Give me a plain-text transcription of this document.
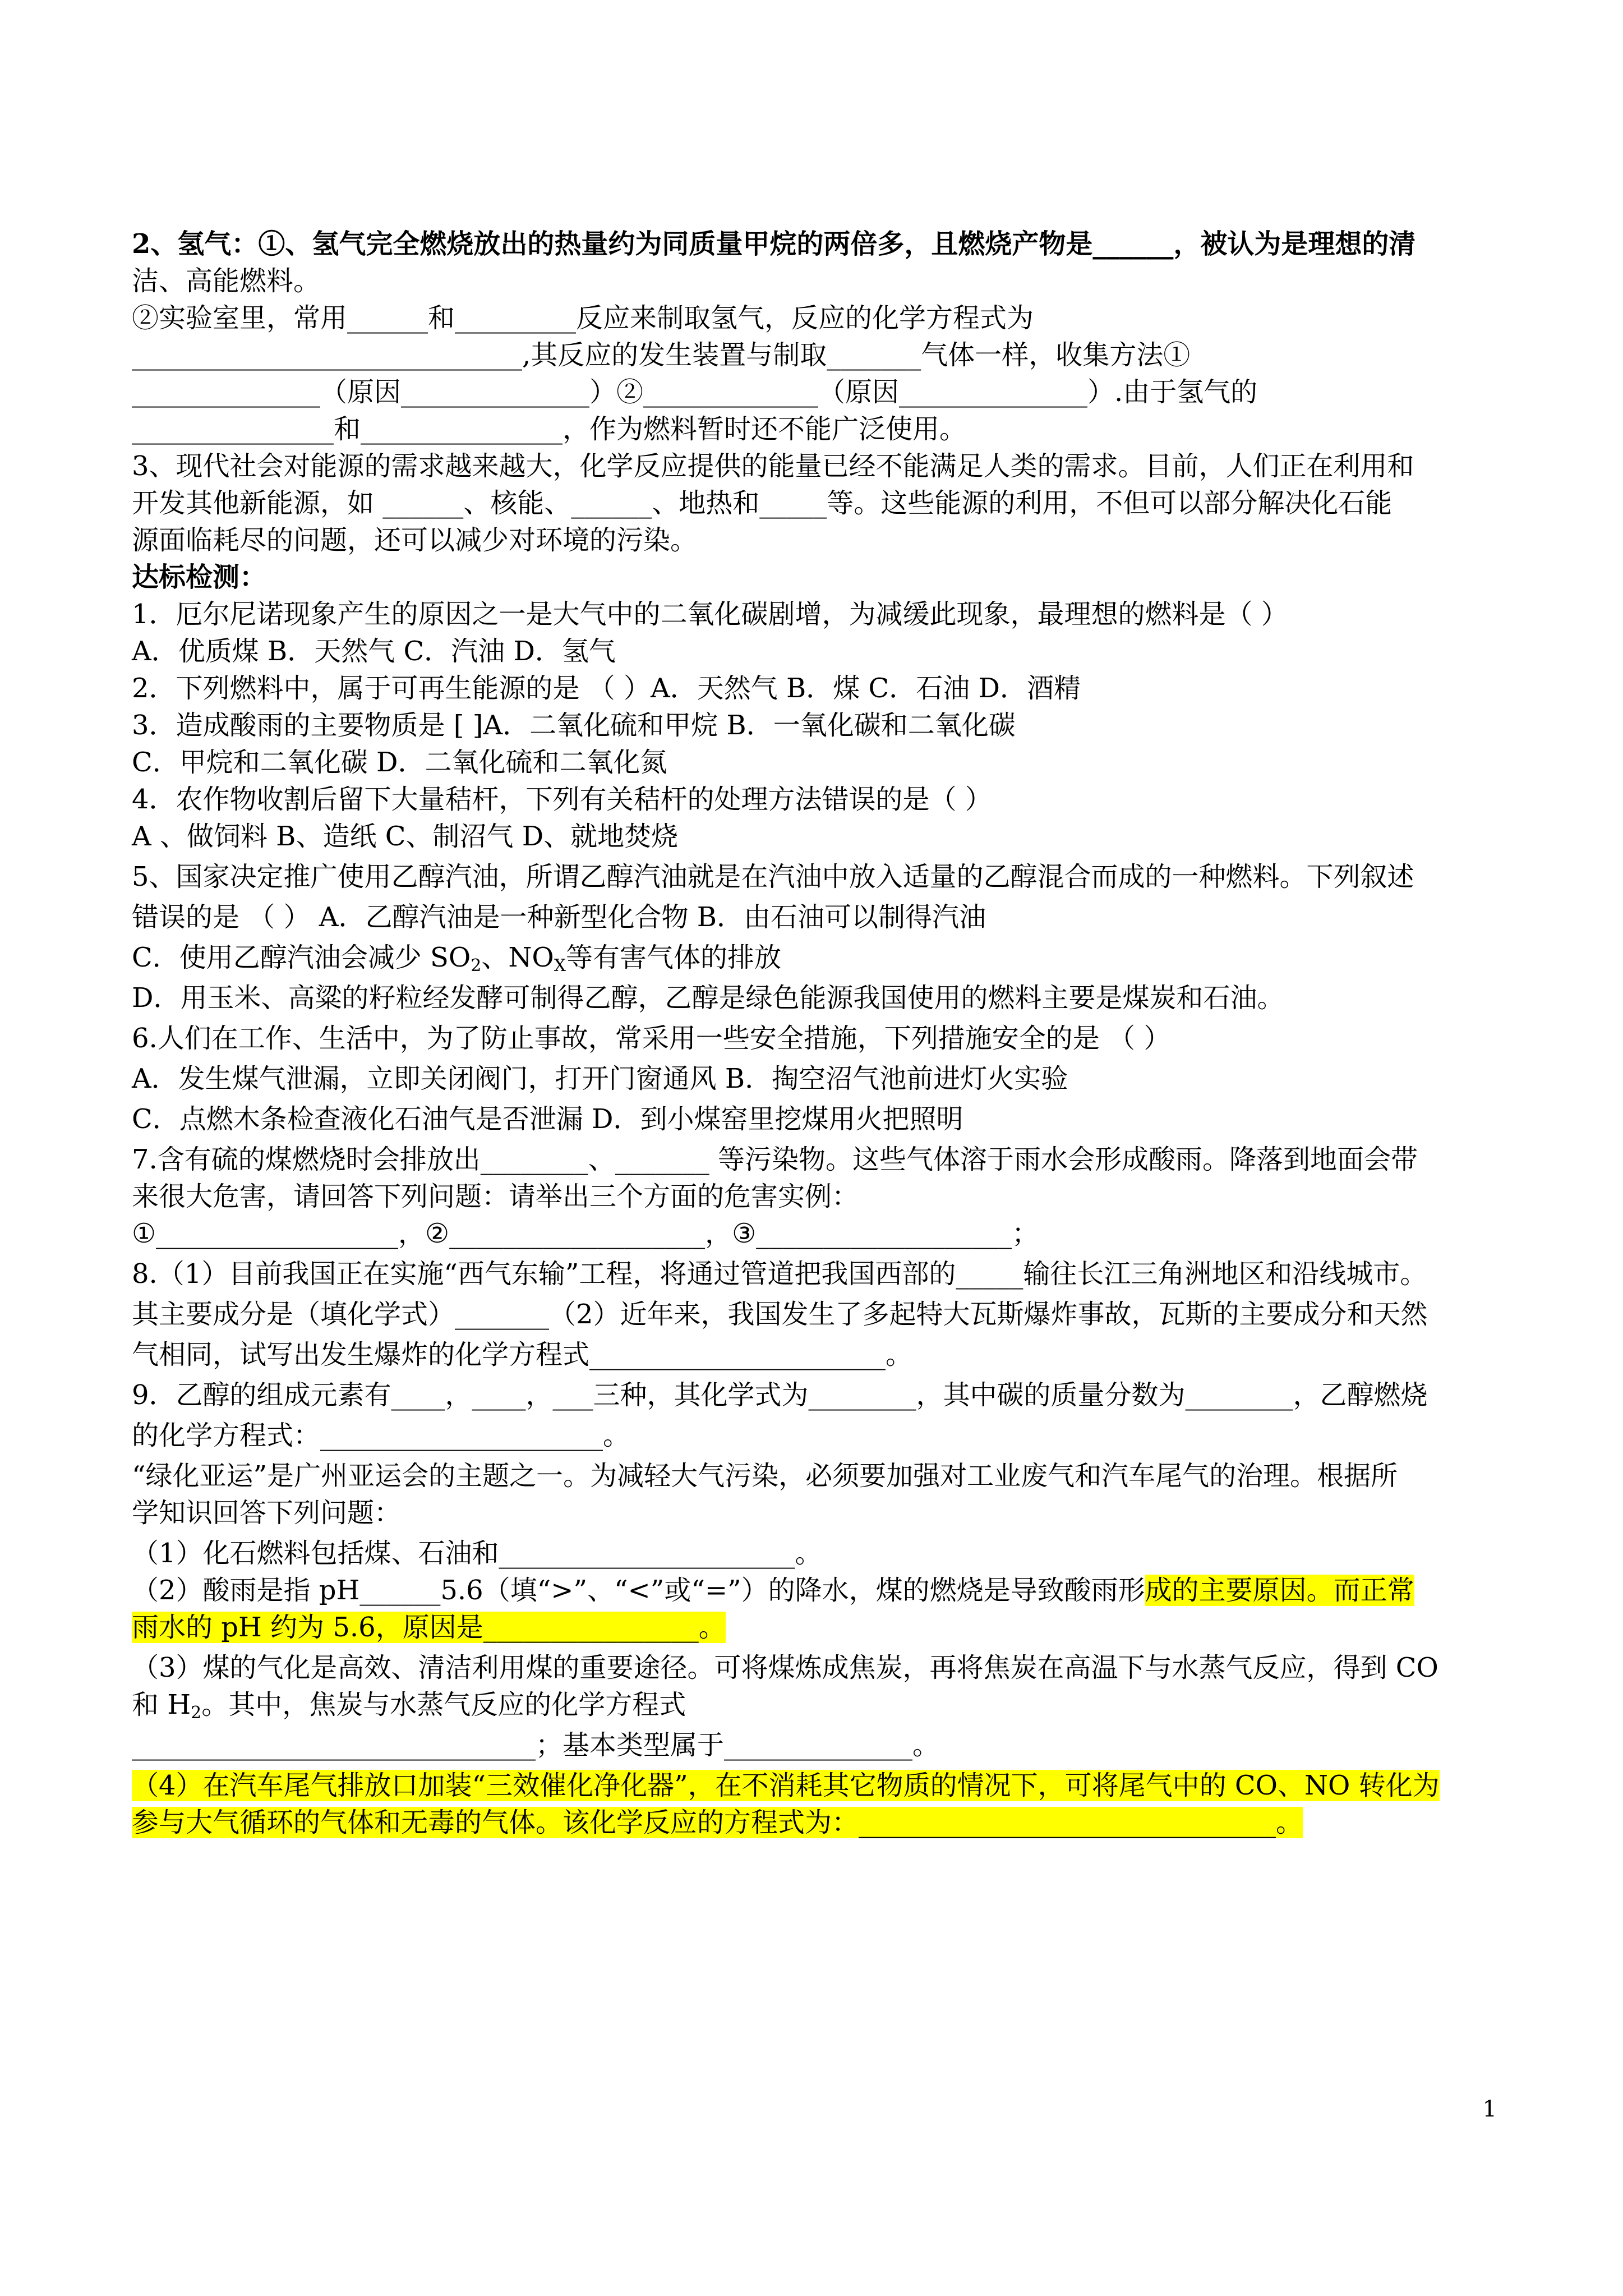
2、氢气：①、氢气完全燃烧放出的热量约为同质量甲烷的两倍多，且燃烧产物是______，被认为是理想的清
洁、高能燃料。
②实验室里，常用______和_________反应来制取氢气，反应的化学方程式为
_____________________________,其反应的发生装置与制取_______气体一样，收集方法①
______________（原因______________）②_____________（原因______________）.由于氢气的
_______________和_______________，作为燃料暂时还不能广泛使用。
3、现代社会对能源的需求越来越大，化学反应提供的能量已经不能满足人类的需求。目前，人们正在利用和
开发其他新能源，如 ______、核能、______、地热和_____等。这些能源的利用，不但可以部分解决化石能
源面临耗尽的问题，还可以减少对环境的污染。
达标检测：
1．厄尔尼诺现象产生的原因之一是大气中的二氧化碳剧增，为减缓此现象，最理想的燃料是（ ）
A．优质煤 B．天然气 C．汽油 D．氢气
2．下列燃料中，属于可再生能源的是 （ ）A．天然气 B．煤 C．石油 D．酒精
3．造成酸雨的主要物质是 [ ]A．二氧化硫和甲烷 B．一氧化碳和二氧化碳
C．甲烷和二氧化碳 D．二氧化硫和二氧化氮
4．农作物收割后留下大量秸杆，下列有关秸杆的处理方法错误的是（ ）
A 、做饲料 B、造纸 C、制沼气 D、就地焚烧
5、国家决定推广使用乙醇汽油，所谓乙醇汽油就是在汽油中放入适量的乙醇混合而成的一种燃料。下列叙述
错误的是 （ ） A．乙醇汽油是一种新型化合物 B．由石油可以制得汽油
C．使用乙醇汽油会减少 $SO_2$、$NO_X$等有害气体的排放
D．用玉米、高粱的籽粒经发酵可制得乙醇，乙醇是绿色能源我国使用的燃料主要是煤炭和石油。
6.人们在工作、生活中，为了防止事故，常采用一些安全措施，下列措施安全的是 （ ）
A．发生煤气泄漏，立即关闭阀门，打开门窗通风 B．掏空沼气池前进灯火实验
C．点燃木条检查液化石油气是否泄漏 D．到小煤窑里挖煤用火把照明
7.含有硫的煤燃烧时会排放出________、_______ 等污染物。这些气体溶于雨水会形成酸雨。降落到地面会带
来很大危害，请回答下列问题：请举出三个方面的危害实例：
①__________________，②___________________，③___________________；
8.（1）目前我国正在实施“西气东输”工程，将通过管道把我国西部的_____输往长江三角洲地区和沿线城市。
其主要成分是（填化学式）_______（2）近年来，我国发生了多起特大瓦斯爆炸事故，瓦斯的主要成分和天然
气相同，试写出发生爆炸的化学方程式______________________。
9．乙醇的组成元素有____，____，___三种，其化学式为________，其中碳的质量分数为________，乙醇燃烧
的化学方程式：_____________________。
“绿化亚运”是广州亚运会的主题之一。为减轻大气污染，必须要加强对工业废气和汽车尾气的治理。根据所
学知识回答下列问题：
（1）化石燃料包括煤、石油和______________________。
（2）酸雨是指 pH______5.6（填“>”、“<”或“=”）的降水，煤的燃烧是导致酸雨形成的主要原因。而正常
雨水的 pH 约为 5.6，原因是________________。
（3）煤的气化是高效、清洁利用煤的重要途径。可将煤炼成焦炭，再将焦炭在高温下与水蒸气反应，得到 CO
和 $H_2$。其中，焦炭与水蒸气反应的化学方程式
______________________________；基本类型属于______________。
（4）在汽车尾气排放口加装“三效催化净化器”，在不消耗其它物质的情况下，可将尾气中的 CO、NO 转化为
参与大气循环的气体和无毒的气体。该化学反应的方程式为：_______________________________。
1
